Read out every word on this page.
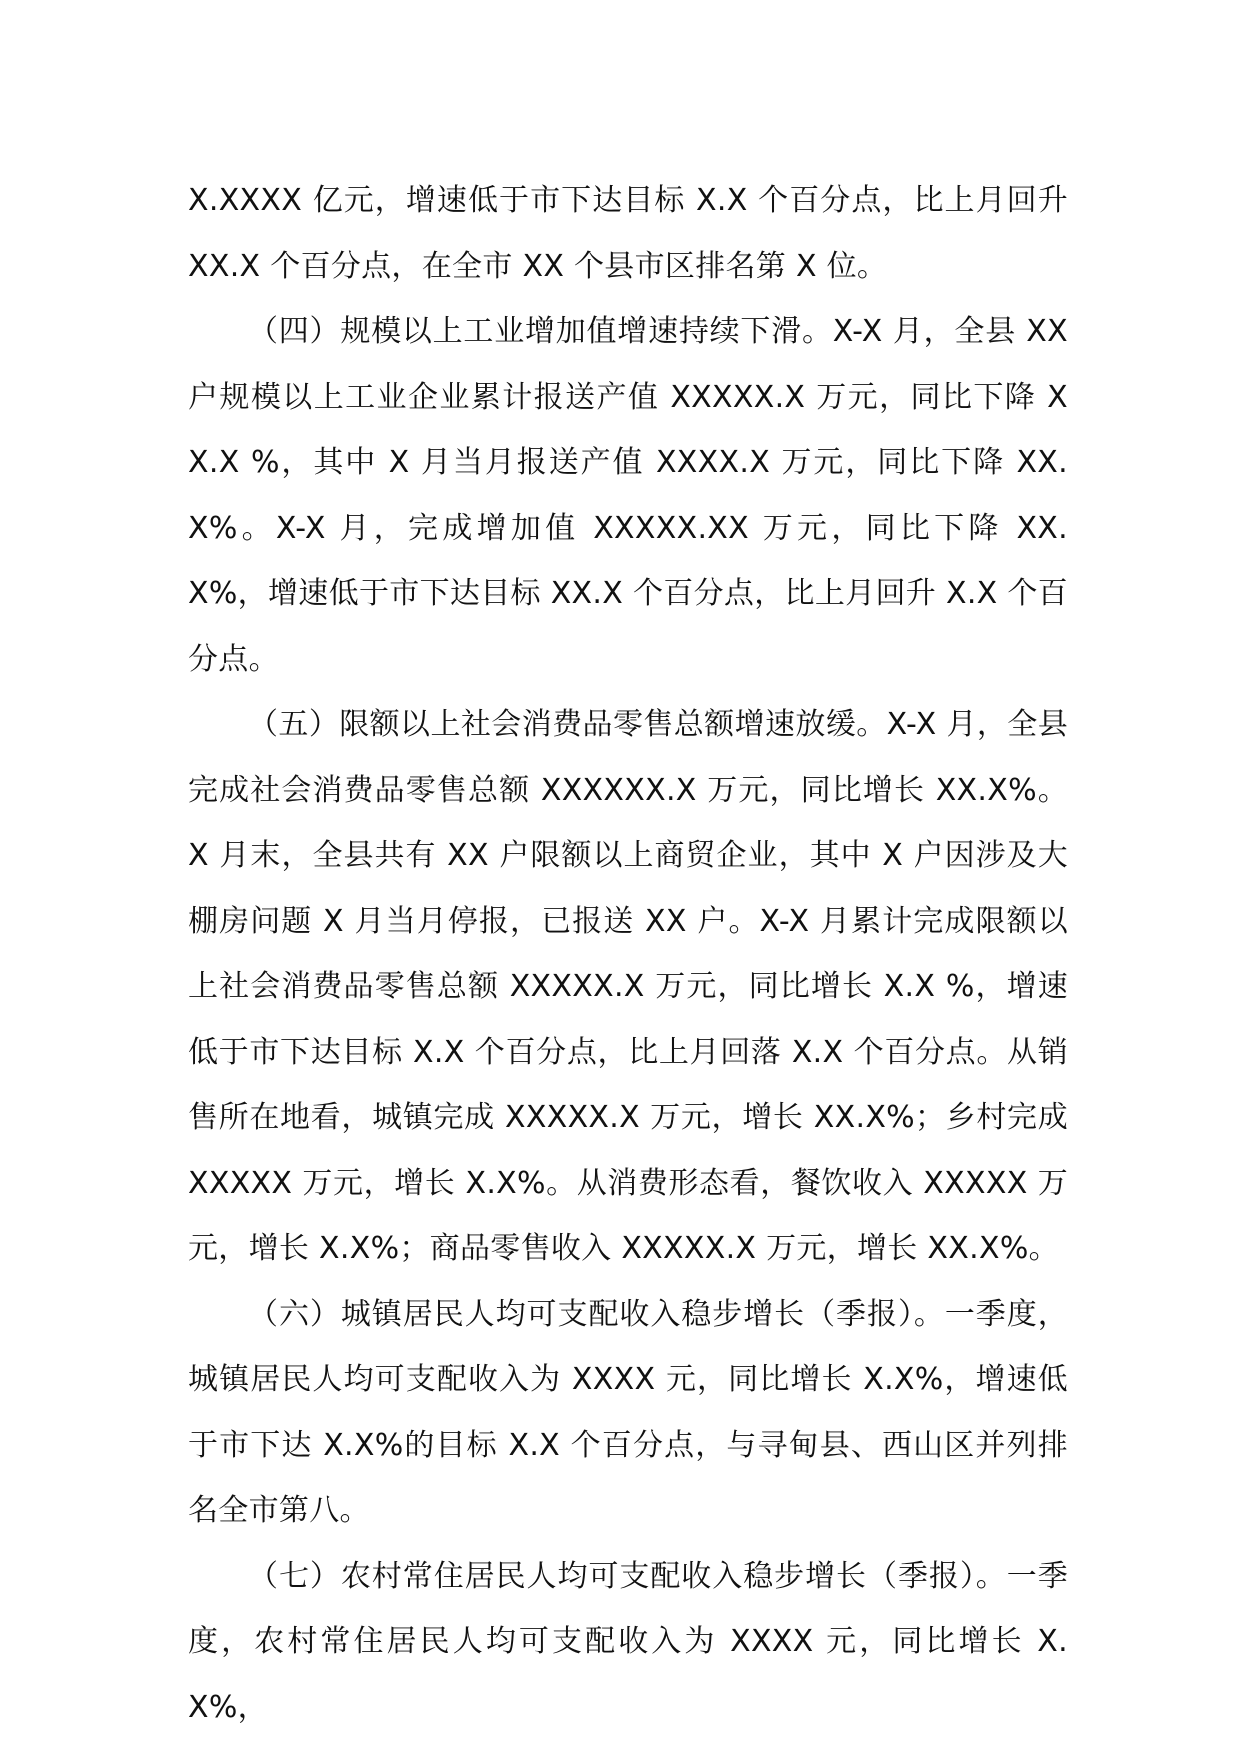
X.XXXX 亿元，增速低于市下达目标 X.X 个百分点，比上月回升 XX.X 个百分点，在全市 XX 个县市区排名第 X 位。

（四）规模以上工业增加值增速持续下滑。X-X 月，全县 XX 户规模以上工业企业累计报送产值 XXXXX.X 万元，同比下降 XX.X %，其中 X 月当月报送产值 XXXX.X 万元，同比下降 XX.X%。X-X 月，完成增加值 XXXXX.XX 万元，同比下降 XX.X%，增速低于市下达目标 XX.X 个百分点，比上月回升 X.X 个百分点。

（五）限额以上社会消费品零售总额增速放缓。X-X 月，全县完成社会消费品零售总额 XXXXXX.X 万元，同比增长 XX.X%。X 月末，全县共有 XX 户限额以上商贸企业，其中 X 户因涉及大棚房问题 X 月当月停报，已报送 XX 户。X-X 月累计完成限额以上社会消费品零售总额 XXXXX.X 万元，同比增长 X.X %，增速低于市下达目标 X.X 个百分点，比上月回落 X.X 个百分点。从销售所在地看，城镇完成 XXXXX.X 万元，增长 XX.X%；乡村完成 XXXXX 万元，增长 X.X%。从消费形态看，餐饮收入 XXXXX 万元，增长 X.X%；商品零售收入 XXXXX.X 万元，增长 XX.X%。

（六）城镇居民人均可支配收入稳步增长（季报）。一季度，城镇居民人均可支配收入为 XXXX 元，同比增长 X.X%，增速低于市下达 X.X%的目标 X.X 个百分点，与寻甸县、西山区并列排名全市第八。

（七）农村常住居民人均可支配收入稳步增长（季报）。一季度，农村常住居民人均可支配收入为 XXXX 元，同比增长 X.X%，
